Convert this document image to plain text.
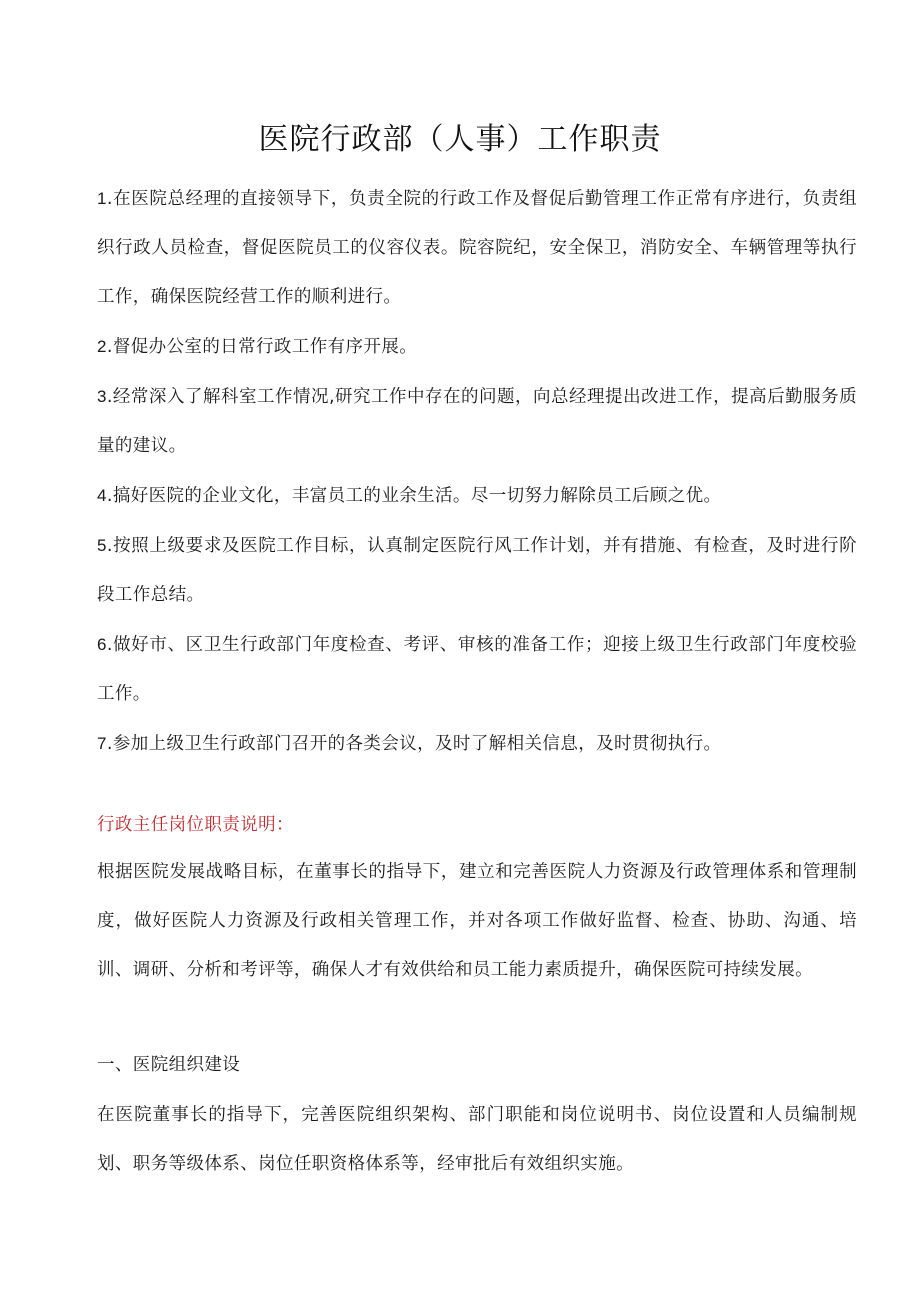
医院行政部（人事）工作职责
1.在医院总经理的直接领导下，负责全院的行政工作及督促后勤管理工作正常有序进行，负责组织行政人员检查，督促医院员工的仪容仪表。院容院纪，安全保卫，消防安全、车辆管理等执行工作，确保医院经营工作的顺利进行。
2.督促办公室的日常行政工作有序开展。
3.经常深入了解科室工作情况,研究工作中存在的问题，向总经理提出改进工作，提高后勤服务质量的建议。
4.搞好医院的企业文化，丰富员工的业余生活。尽一切努力解除员工后顾之优。
5.按照上级要求及医院工作目标，认真制定医院行风工作计划，并有措施、有检查，及时进行阶段工作总结。
6.做好市、区卫生行政部门年度检查、考评、审核的准备工作；迎接上级卫生行政部门年度校验工作。
7.参加上级卫生行政部门召开的各类会议，及时了解相关信息，及时贯彻执行。
行政主任岗位职责说明：
根据医院发展战略目标，在董事长的指导下，建立和完善医院人力资源及行政管理体系和管理制度，做好医院人力资源及行政相关管理工作，并对各项工作做好监督、检查、协助、沟通、培训、调研、分析和考评等，确保人才有效供给和员工能力素质提升，确保医院可持续发展。
一、医院组织建设
在医院董事长的指导下，完善医院组织架构、部门职能和岗位说明书、岗位设置和人员编制规划、职务等级体系、岗位任职资格体系等，经审批后有效组织实施。
